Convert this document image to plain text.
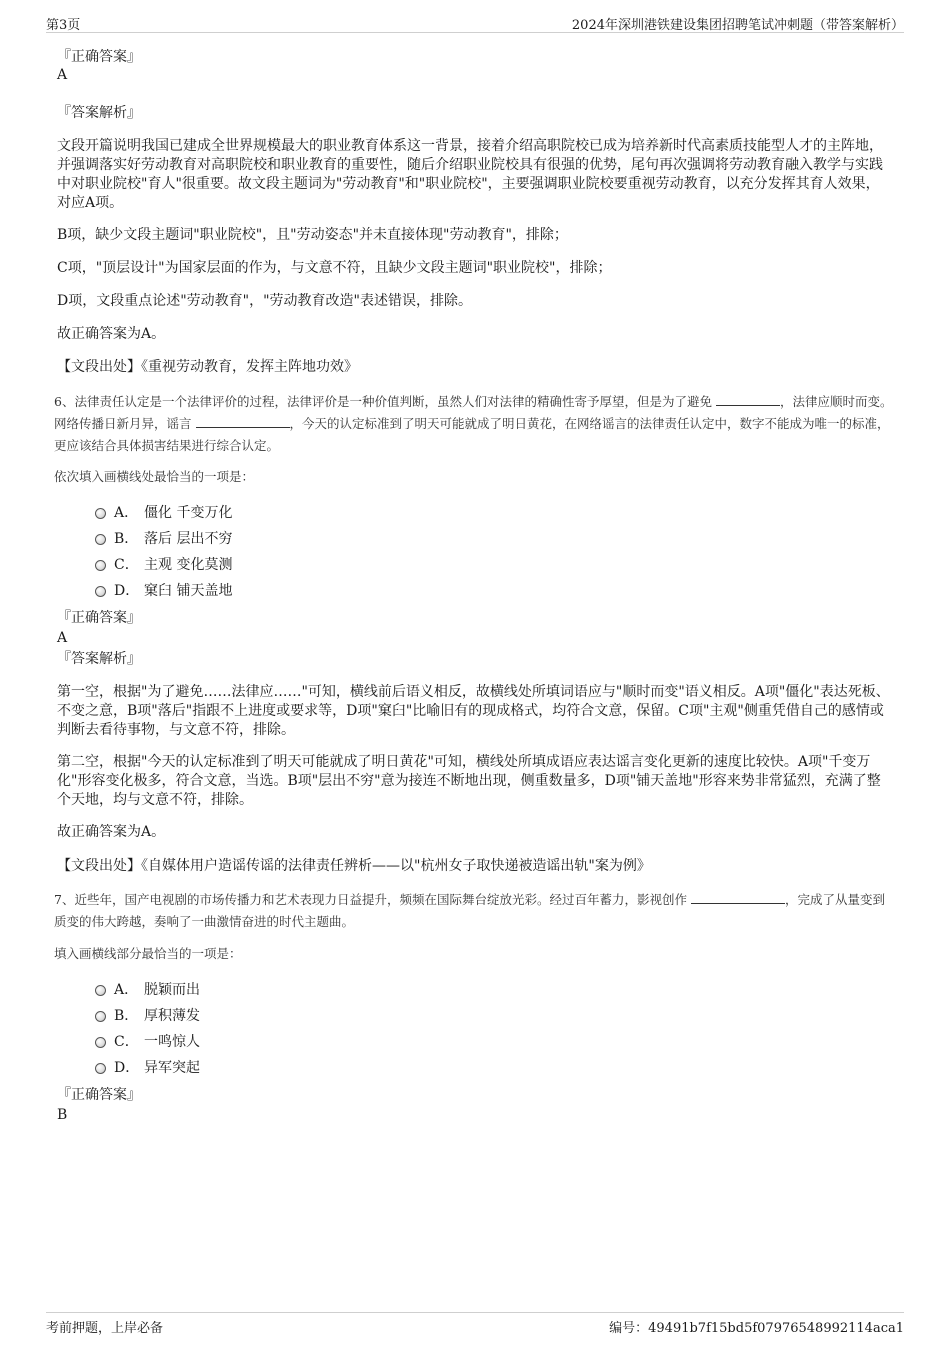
第3页	2024年深圳港铁建设集团招聘笔试冲刺题（带答案解析）
『正确答案』
A
『答案解析』
文段开篇说明我国已建成全世界规模最大的职业教育体系这一背景，接着介绍高职院校已成为培养新时代高素质技能型人才的主阵地，并强调落实好劳动教育对高职院校和职业教育的重要性，随后介绍职业院校具有很强的优势，尾句再次强调将劳动教育融入教学与实践中对职业院校"育人"很重要。故文段主题词为"劳动教育"和"职业院校"，主要强调职业院校要重视劳动教育，以充分发挥其育人效果，对应A项。
B项，缺少文段主题词"职业院校"，且"劳动姿态"并未直接体现"劳动教育"，排除；
C项，"顶层设计"为国家层面的作为，与文意不符，且缺少文段主题词"职业院校"，排除；
D项，文段重点论述"劳动教育"，"劳动教育改造"表述错误，排除。
故正确答案为A。
【文段出处】《重视劳动教育，发挥主阵地功效》
6、法律责任认定是一个法律评价的过程，法律评价是一种价值判断，虽然人们对法律的精确性寄予厚望，但是为了避免	，法律应顺时而变。网络传播日新月异，谣言	，今天的认定标准到了明天可能就成了明日黄花，在网络谣言的法律责任认定中，数字不能成为唯一的标准，更应该结合具体损害结果进行综合认定。
依次填入画横线处最恰当的一项是：
A． 僵化 千变万化
B． 落后 层出不穷
C． 主观 变化莫测
D． 窠臼 铺天盖地
『正确答案』
A
『答案解析』
第一空，根据"为了避免……法律应……"可知，横线前后语义相反，故横线处所填词语应与"顺时而变"语义相反。A项"僵化"表达死板、不变之意，B项"落后"指跟不上进度或要求等，D项"窠臼"比喻旧有的现成格式，均符合文意，保留。C项"主观"侧重凭借自己的感情或判断去看待事物，与文意不符，排除。
第二空，根据"今天的认定标准到了明天可能就成了明日黄花"可知，横线处所填成语应表达谣言变化更新的速度比较快。A项"千变万化"形容变化极多，符合文意，当选。B项"层出不穷"意为接连不断地出现，侧重数量多，D项"铺天盖地"形容来势非常猛烈，充满了整个天地，均与文意不符，排除。
故正确答案为A。
【文段出处】《自媒体用户造谣传谣的法律责任辨析——以"杭州女子取快递被造谣出轨"案为例》
7、近些年，国产电视剧的市场传播力和艺术表现力日益提升，频频在国际舞台绽放光彩。经过百年蓄力，影视创作	，完成了从量变到质变的伟大跨越，奏响了一曲激情奋进的时代主题曲。
填入画横线部分最恰当的一项是：
A． 脱颖而出
B． 厚积薄发
C． 一鸣惊人
D． 异军突起
『正确答案』
B
考前押题，上岸必备	编号：49491b7f15bd5f07976548992114aca1
